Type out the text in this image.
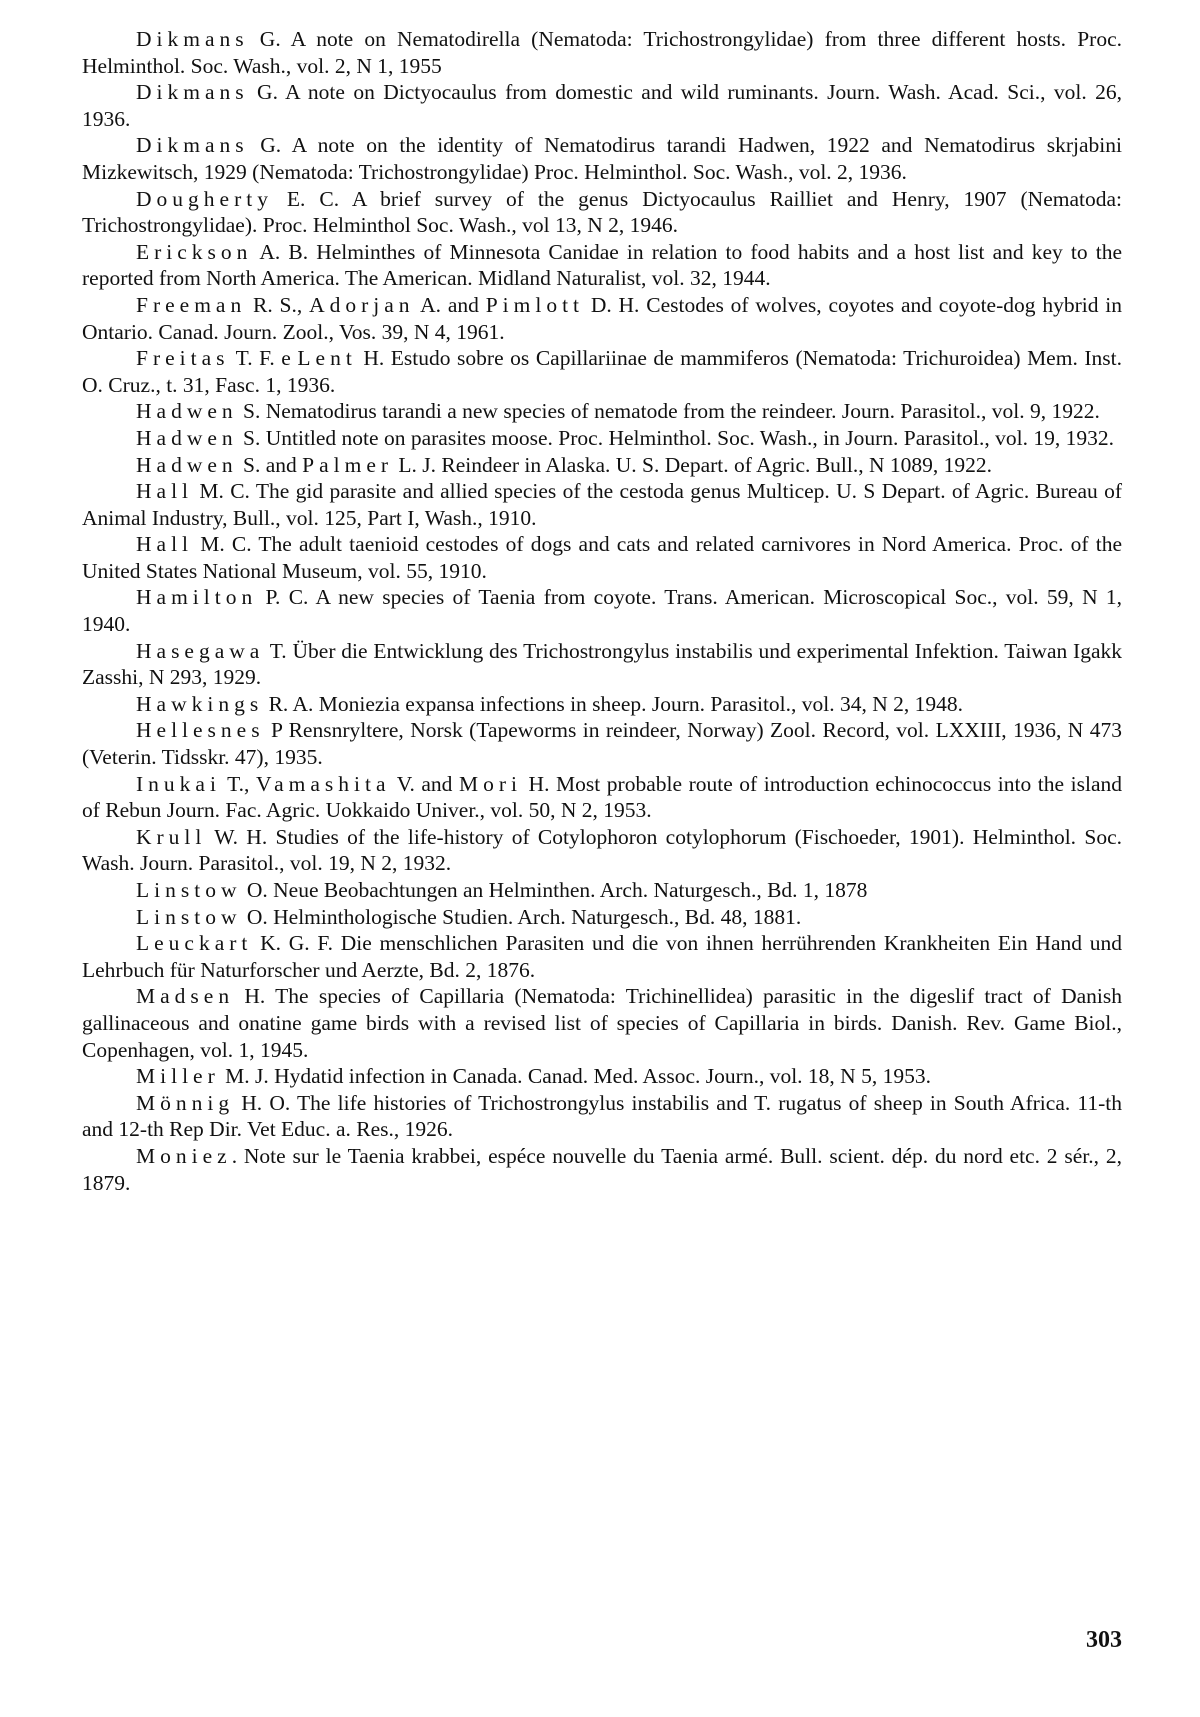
Dikmans G. A note on Nematodirella (Nematoda: Trichostrongylidae) from three different hosts. Proc. Helminthol. Soc. Wash., vol. 2, N 1, 1955

Dikmans G. A note on Dictyocaulus from domestic and wild ruminants. Journ. Wash. Acad. Sci., vol. 26, 1936.

Dikmans G. A note on the identity of Nematodirus tarandi Hadwen, 1922 and Nematodirus skrjabini Mizkewitsch, 1929 (Nematoda: Trichostrongylidae) Proc. Helminthol. Soc. Wash., vol. 2, 1936.

Dougherty E. C. A brief survey of the genus Dictyocaulus Railliet and Henry, 1907 (Nematoda: Trichostrongylidae). Proc. Helminthol Soc. Wash., vol 13, N 2, 1946.

Erickson A. B. Helminthes of Minnesota Canidae in relation to food habits and a host list and key to the reported from North America. The American. Midland Naturalist, vol. 32, 1944.

Freeman R. S., Adorjan A. and Pimlott D. H. Cestodes of wolves, coyotes and coyote-dog hybrid in Ontario. Canad. Journ. Zool., Vos. 39, N 4, 1961.

Freitas T. F. e Lent H. Estudo sobre os Capillariinae de mammiferos (Nematoda: Trichuroidea) Mem. Inst. O. Cruz., t. 31, Fasc. 1, 1936.

Hadwen S. Nematodirus tarandi a new species of nematode from the reindeer. Journ. Parasitol., vol. 9, 1922.

Hadwen S. Untitled note on parasites moose. Proc. Helminthol. Soc. Wash., in Journ. Parasitol., vol. 19, 1932.

Hadwen S. and Palmer L. J. Reindeer in Alaska. U. S. Depart. of Agric. Bull., N 1089, 1922.

Hall M. C. The gid parasite and allied species of the cestoda genus Multicep. U. S Depart. of Agric. Bureau of Animal Industry, Bull., vol. 125, Part I, Wash., 1910.

Hall M. C. The adult taenioid cestodes of dogs and cats and related carnivores in Nord America. Proc. of the United States National Museum, vol. 55, 1910.

Hamilton P. C. A new species of Taenia from coyote. Trans. American. Microscopical Soc., vol. 59, N 1, 1940.

Hasegawa T. Über die Entwicklung des Trichostrongylus instabilis und experimental Infektion. Taiwan Igakk Zasshi, N 293, 1929.

Hawkings R. A. Moniezia expansa infections in sheep. Journ. Parasitol., vol. 34, N 2, 1948.

Hellesnes P Rensnryltere, Norsk (Tapeworms in reindeer, Norway) Zool. Record, vol. LXXIII, 1936, N 473 (Veterin. Tidsskr. 47), 1935.

Inukai T., Vamashita V. and Mori H. Most probable route of introduction echinococcus into the island of Rebun Journ. Fac. Agric. Uokkaido Univer., vol. 50, N 2, 1953.

Krull W. H. Studies of the life-history of Cotylophoron cotylophorum (Fischoeder, 1901). Helminthol. Soc. Wash. Journ. Parasitol., vol. 19, N 2, 1932.

Linstow O. Neue Beobachtungen an Helminthen. Arch. Naturgesch., Bd. 1, 1878

Linstow O. Helminthologische Studien. Arch. Naturgesch., Bd. 48, 1881.

Leuckart K. G. F. Die menschlichen Parasiten und die von ihnen herrührenden Krankheiten Ein Hand und Lehrbuch für Naturforscher und Aerzte, Bd. 2, 1876.

Madsen H. The species of Capillaria (Nematoda: Trichinellidea) parasitic in the digeslif tract of Danish gallinaceous and onatine game birds with a revised list of species of Capillaria in birds. Danish. Rev. Game Biol., Copenhagen, vol. 1, 1945.

Miller M. J. Hydatid infection in Canada. Canad. Med. Assoc. Journ., vol. 18, N 5, 1953.

Mönnig H. O. The life histories of Trichostrongylus instabilis and T. rugatus of sheep in South Africa. 11-th and 12-th Rep Dir. Vet Educ. a. Res., 1926.

Moniez. Note sur le Taenia krabbei, espéce nouvelle du Taenia armé. Bull. scient. dép. du nord etc. 2 sér., 2, 1879.

303
